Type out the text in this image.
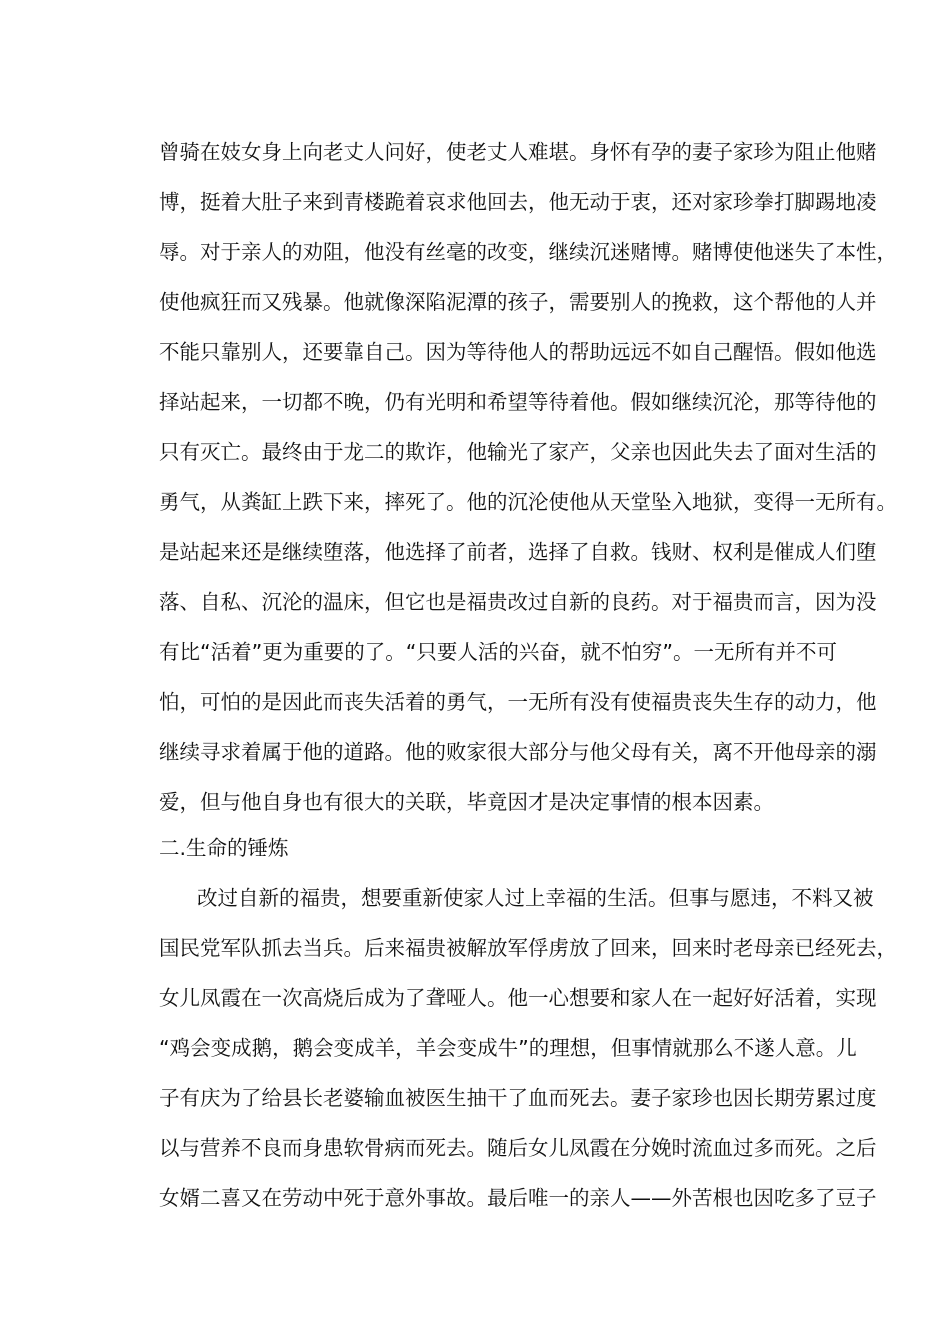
曾骑在妓女身上向老丈人问好，使老丈人难堪。身怀有孕的妻子家珍为阻止他赌
博，挺着大肚子来到青楼跪着哀求他回去，他无动于衷，还对家珍拳打脚踢地凌
辱。对于亲人的劝阻，他没有丝毫的改变，继续沉迷赌博。赌博使他迷失了本性，
使他疯狂而又残暴。他就像深陷泥潭的孩子，需要别人的挽救，这个帮他的人并
不能只靠别人，还要靠自己。因为等待他人的帮助远远不如自己醒悟。假如他选
择站起来，一切都不晚，仍有光明和希望等待着他。假如继续沉沦，那等待他的
只有灭亡。最终由于龙二的欺诈，他输光了家产，父亲也因此失去了面对生活的
勇气，从粪缸上跌下来，摔死了。他的沉沦使他从天堂坠入地狱，变得一无所有。
是站起来还是继续堕落，他选择了前者，选择了自救。钱财、权利是催成人们堕
落、自私、沉沦的温床，但它也是福贵改过自新的良药。对于福贵而言，因为没
有比“活着”更为重要的了。“只要人活的兴奋，就不怕穷”。一无所有并不可
怕，可怕的是因此而丧失活着的勇气，一无所有没有使福贵丧失生存的动力，他
继续寻求着属于他的道路。他的败家很大部分与他父母有关，离不开他母亲的溺
爱，但与他自身也有很大的关联，毕竟因才是决定事情的根本因素。
二.生命的锤炼
改过自新的福贵，想要重新使家人过上幸福的生活。但事与愿违，不料又被
国民党军队抓去当兵。后来福贵被解放军俘虏放了回来，回来时老母亲已经死去，
女儿凤霞在一次高烧后成为了聋哑人。他一心想要和家人在一起好好活着，实现
“鸡会变成鹅，鹅会变成羊，羊会变成牛”的理想，但事情就那么不遂人意。儿
子有庆为了给县长老婆输血被医生抽干了血而死去。妻子家珍也因长期劳累过度
以与营养不良而身患软骨病而死去。随后女儿凤霞在分娩时流血过多而死。之后
女婿二喜又在劳动中死于意外事故。最后唯一的亲人——外苦根也因吃多了豆子
